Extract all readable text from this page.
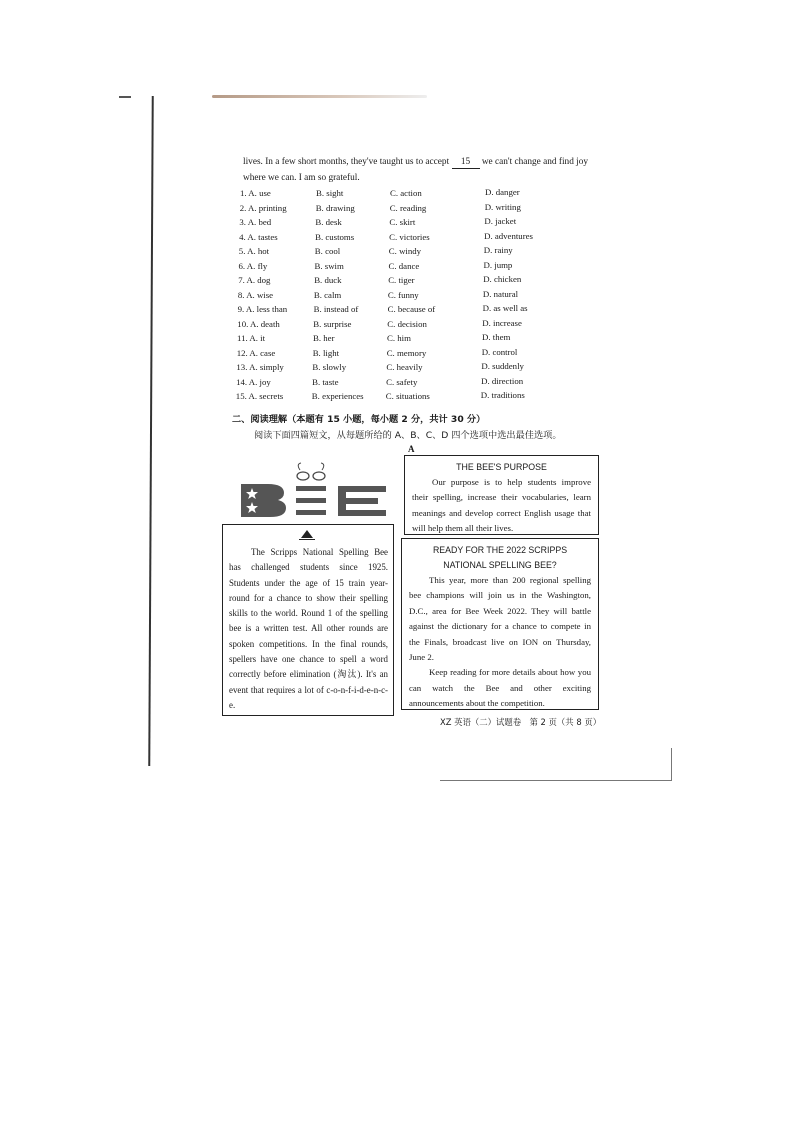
lives. In a few short months, they've taught us to accept 15 we can't change and find joy
where we can. I am so grateful.
1. A. use	B. sight	C. action	D. danger
2. A. printing	B. drawing	C. reading	D. writing
3. A. bed	B. desk	C. skirt	D. jacket
4. A. tastes	B. customs	C. victories	D. adventures
5. A. hot	B. cool	C. windy	D. rainy
6. A. fly	B. swim	C. dance	D. jump
7. A. dog	B. duck	C. tiger	D. chicken
8. A. wise	B. calm	C. funny	D. natural
9. A. less than	B. instead of	C. because of	D. as well as
10. A. death	B. surprise	C. decision	D. increase
11. A. it	B. her	C. him	D. them
12. A. case	B. light	C. memory	D. control
13. A. simply	B. slowly	C. heavily	D. suddenly
14. A. joy	B. taste	C. safety	D. direction
15. A. secrets	B. experiences	C. situations	D. traditions
二、阅读理解（本题有 15 小题，每小题 2 分，共计 30 分）
阅读下面四篇短文，从每题所给的 A、B、C、D 四个选项中选出最佳选项。
A

The Scripps National Spelling Bee has challenged students since 1925. Students under the age of 15 train year-round for a chance to show their spelling skills to the world. Round 1 of the spelling bee is a written test. All other rounds are spoken competitions. In the final rounds, spellers have one chance to spell a word correctly before elimination (淘汰). It's an event that requires a lot of c-o-n-f-i-d-e-n-c-e.

THE BEE'S PURPOSE

Our purpose is to help students improve their spelling, increase their vocabularies, learn meanings and develop correct English usage that will help them all their lives.

READY FOR THE 2022 SCRIPPS
NATIONAL SPELLING BEE?

This year, more than 200 regional spelling bee champions will join us in the Washington, D.C., area for Bee Week 2022. They will battle against the dictionary for a chance to compete in the Finals, broadcast live on ION on Thursday, June 2.

Keep reading for more details about how you can watch the Bee and other exciting announcements about the competition.

XZ 英语（二）试题卷　第 2 页（共 8 页）
